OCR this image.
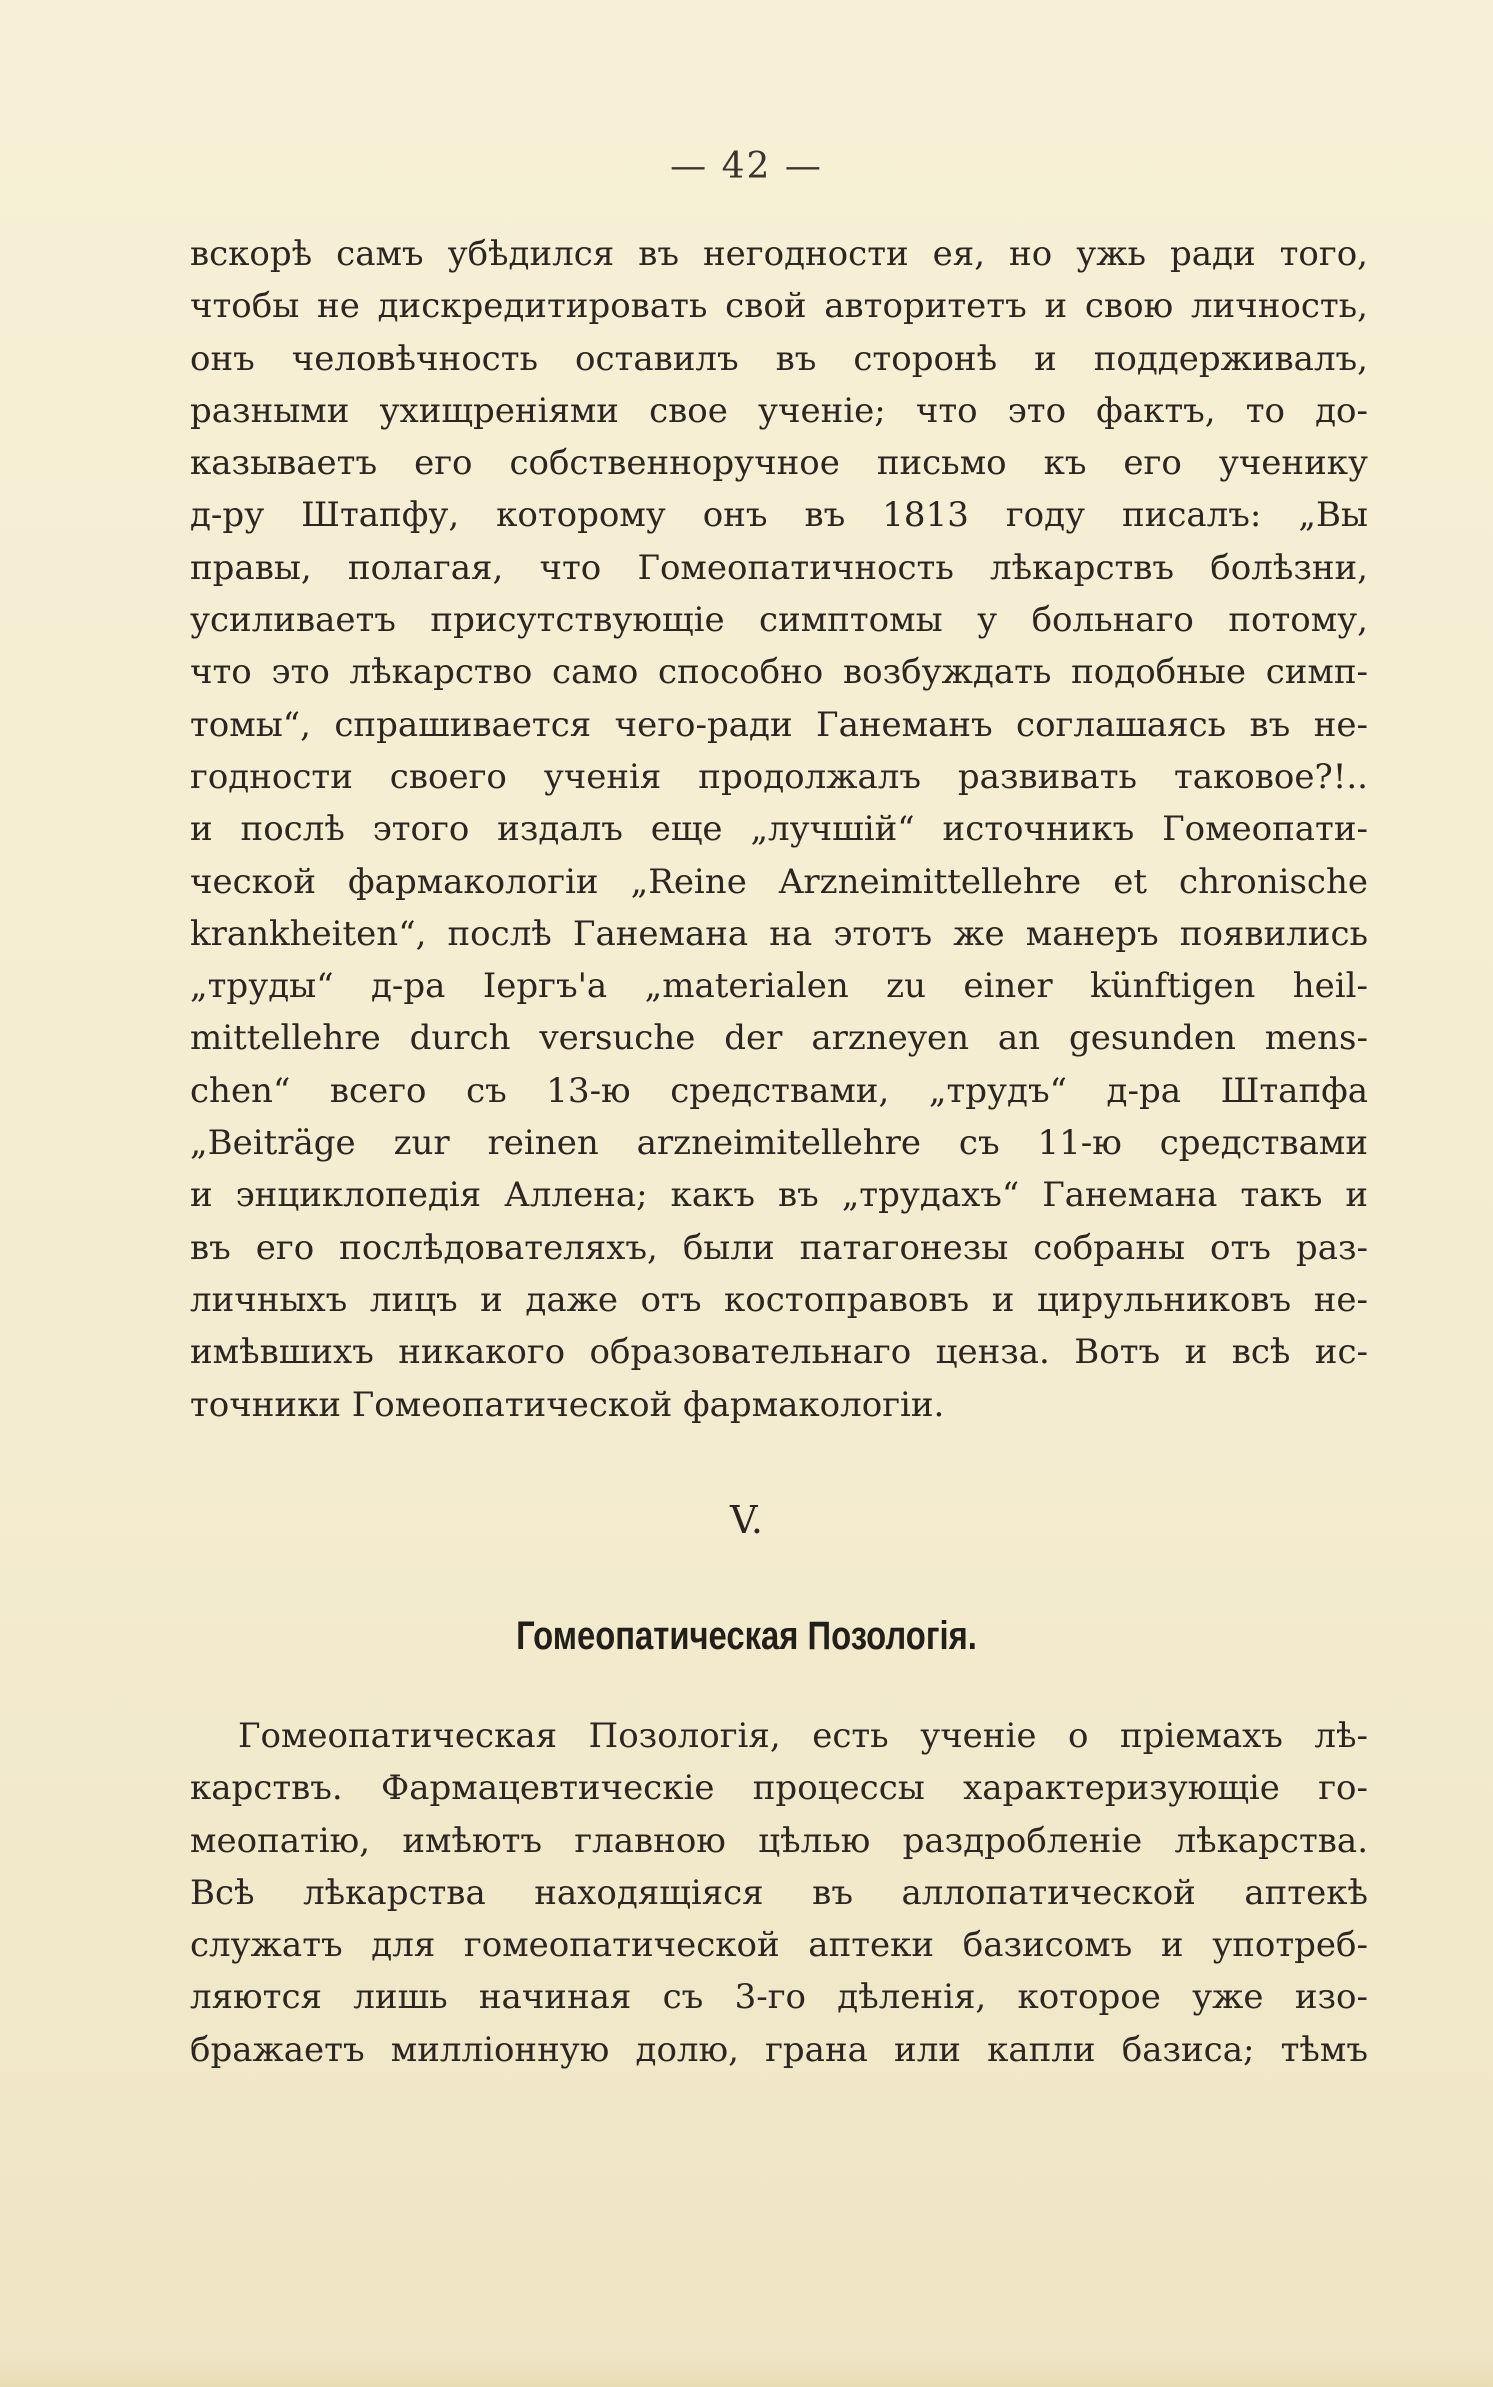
— 42 —
вскорѣ самъ убѣдился въ негодности ея, но ужь ради того,
чтобы не дискредитировать свой авторитетъ и свою личность,
онъ человѣчность оставилъ въ сторонѣ и поддерживалъ,
разными ухищреніями свое ученіе; что это фактъ, то до-
казываетъ его собственноручное письмо къ его ученику
д-ру Штапфу, которому онъ въ 1813 году писалъ: „Вы
правы, полагая, что Гомеопатичность лѣкарствъ болѣзни,
усиливаетъ присутствующіе симптомы у больнаго потому,
что это лѣкарство само способно возбуждать подобные симп-
томы“, спрашивается чего-ради Ганеманъ соглашаясь въ не-
годности своего ученія продолжалъ развивать таковое?!..
и послѣ этого издалъ еще „лучшій“ источникъ Гомеопати-
ческой фармакологіи „Reine Arzneimittellehre et chronische
krankheiten“, послѣ Ганемана на этотъ же манеръ появились
„труды“ д-ра Іергъ'а „materialen zu einer künftigen heil-
mittellehre durch versuche der arzneyen an gesunden mens-
chen“ всего съ 13-ю средствами, „трудъ“ д-ра Штапфа
„Beiträge zur reinen arzneimitellehre съ 11-ю средствами
и энциклопедія Аллена; какъ въ „трудахъ“ Ганемана такъ и
въ его послѣдователяхъ, были патагонезы собраны отъ раз-
личныхъ лицъ и даже отъ костоправовъ и цирульниковъ не-
имѣвшихъ никакого образовательнаго ценза. Вотъ и всѣ ис-
точники Гомеопатической фармакологіи.
V.
Гомеопатическая Позологія.
Гомеопатическая Позологія, есть ученіе о пріемахъ лѣ-
карствъ. Фармацевтическіе процессы характеризующіе го-
меопатію, имѣютъ главною цѣлью раздробленіе лѣкарства.
Всѣ лѣкарства находящіяся въ аллопатической аптекѣ
служатъ для гомеопатической аптеки базисомъ и употреб-
ляются лишь начиная съ 3-го дѣленія, которое уже изо-
бражаетъ милліонную долю, грана или капли базиса; тѣмъ
